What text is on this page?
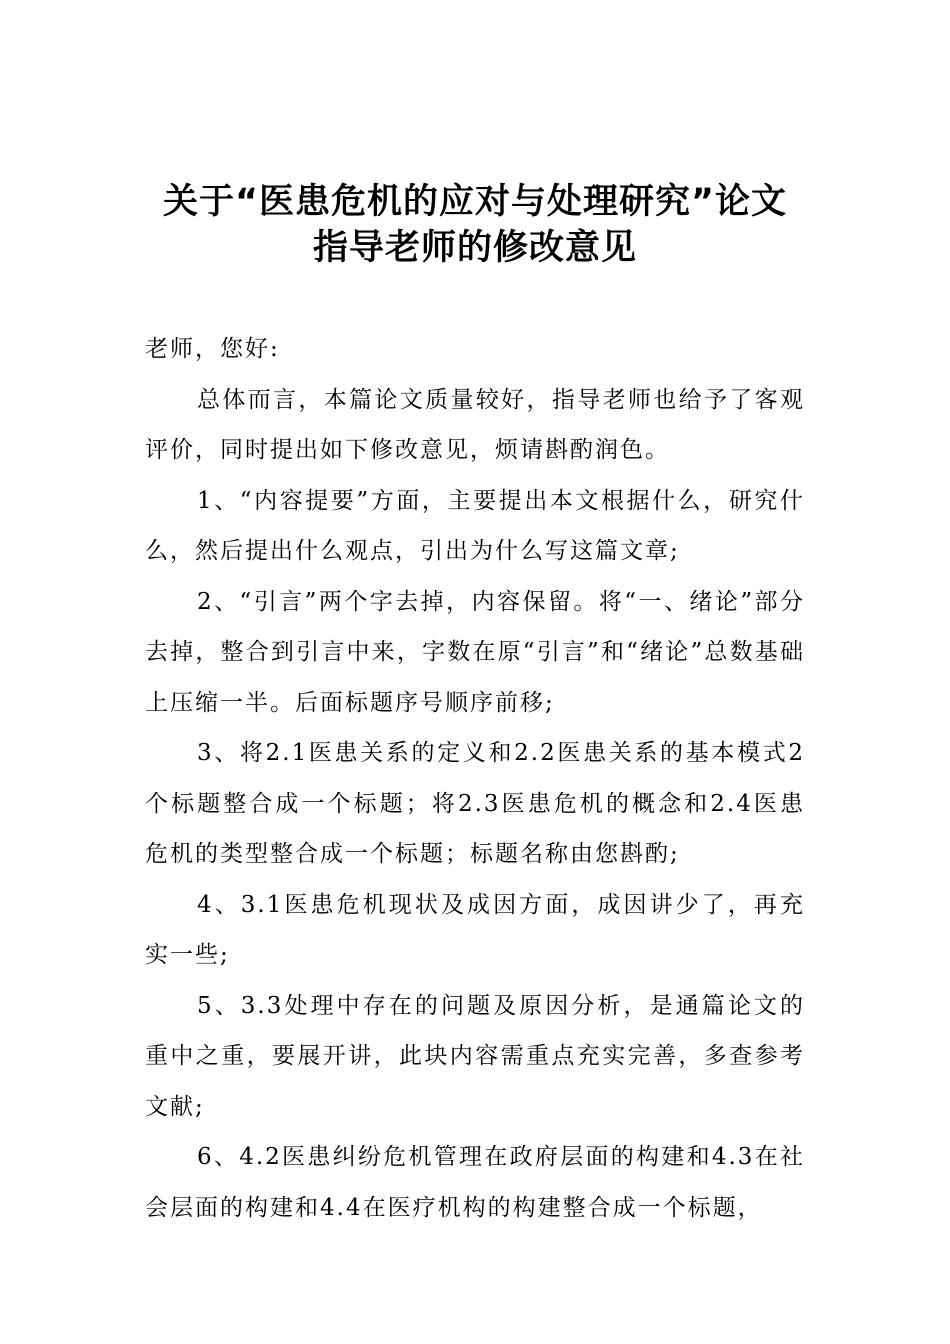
关于“医患危机的应对与处理研究”论文
指导老师的修改意见

老师，您好:

总体而言，本篇论文质量较好，指导老师也给予了客观评价，同时提出如下修改意见，烦请斟酌润色。

1、“内容提要”方面，主要提出本文根据什么，研究什么，然后提出什么观点，引出为什么写这篇文章;

2、“引言”两个字去掉，内容保留。将“一、绪论”部分去掉，整合到引言中来，字数在原“引言”和“绪论”总数基础上压缩一半。后面标题序号顺序前移;

3、将2.1医患关系的定义和2.2医患关系的基本模式2个标题整合成一个标题；将2.3医患危机的概念和2.4医患危机的类型整合成一个标题；标题名称由您斟酌;

4、3.1医患危机现状及成因方面，成因讲少了，再充实一些;

5、3.3处理中存在的问题及原因分析，是通篇论文的重中之重，要展开讲，此块内容需重点充实完善，多查参考文献;

6、4.2医患纠纷危机管理在政府层面的构建和4.3在社会层面的构建和4.4在医疗机构的构建整合成一个标题，
